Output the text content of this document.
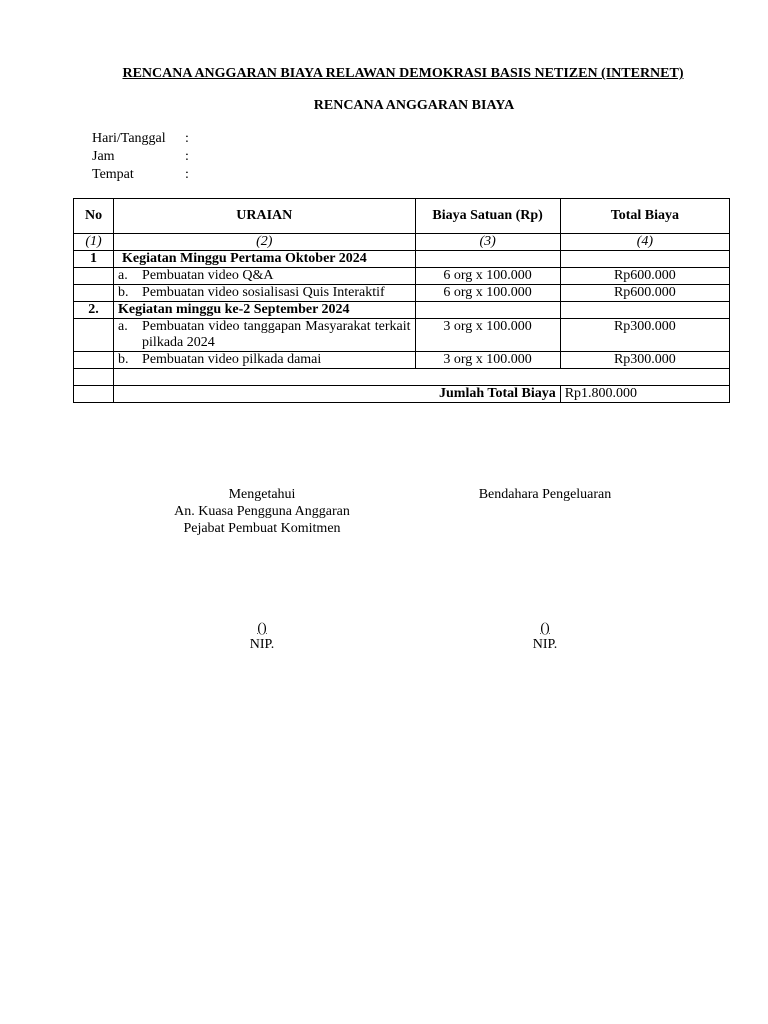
RENCANA ANGGARAN BIAYA RELAWAN DEMOKRASI BASIS NETIZEN (INTERNET)
RENCANA ANGGARAN BIAYA
Hari/Tanggal	:
Jam	:
Tempat	:
No	URAIAN	Biaya Satuan (Rp)	Total Biaya
(1)	(2)	(3)	(4)
1	Kegiatan Minggu Pertama Oktober 2024		

	a. Pembuatan video Q&A	6 org x 100.000	Rp600.000

	b. Pembuatan video sosialisasi Quis Interaktif	6 org x 100.000	Rp600.000
2.	Kegiatan minggu ke-2 September 2024		

	a. Pembuatan video tanggapan Masyarakat terkait pilkada 2024	3 org x 100.000	Rp300.000

	b. Pembuatan video pilkada damai	3 org x 100.000	Rp300.000

	Jumlah Total Biaya		Rp1.800.000
Mengetahui
An. Kuasa Pengguna Anggaran
Pejabat Pembuat Komitmen
Bendahara Pengeluaran
()
NIP.
()
NIP.
